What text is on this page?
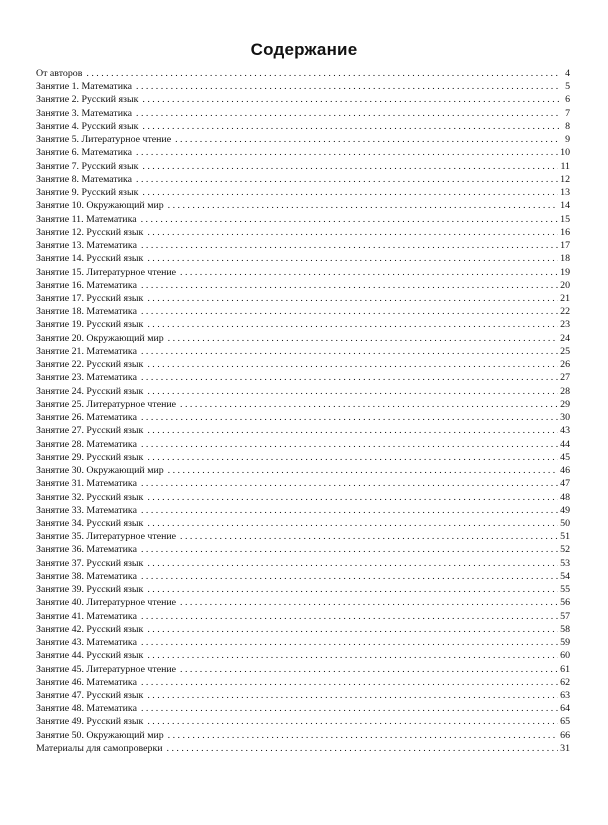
Содержание
От авторов . . .	4
Занятие 1. Математика . . .	5
Занятие 2. Русский язык . . .	6
Занятие 3. Математика . . .	7
Занятие 4. Русский язык . . .	8
Занятие 5. Литературное чтение . . .	9
Занятие 6. Математика . . .	10
Занятие 7. Русский язык . . .	11
Занятие 8. Математика . . .	12
Занятие 9. Русский язык . . .	13
Занятие 10. Окружающий мир . . .	14
Занятие 11. Математика . . .	15
Занятие 12. Русский язык . . .	16
Занятие 13. Математика . . .	17
Занятие 14. Русский язык . . .	18
Занятие 15. Литературное чтение . . .	19
Занятие 16. Математика . . .	20
Занятие 17. Русский язык . . .	21
Занятие 18. Математика . . .	22
Занятие 19. Русский язык . . .	23
Занятие 20. Окружающий мир . . .	24
Занятие 21. Математика . . .	25
Занятие 22. Русский язык . . .	26
Занятие 23. Математика . . .	27
Занятие 24. Русский язык . . .	28
Занятие 25. Литературное чтение . . .	29
Занятие 26. Математика . . .	30
Занятие 27. Русский язык . . .	43
Занятие 28. Математика . . .	44
Занятие 29. Русский язык . . .	45
Занятие 30. Окружающий мир . . .	46
Занятие 31. Математика . . .	47
Занятие 32. Русский язык . . .	48
Занятие 33. Математика . . .	49
Занятие 34. Русский язык . . .	50
Занятие 35. Литературное чтение . . .	51
Занятие 36. Математика . . .	52
Занятие 37. Русский язык . . .	53
Занятие 38. Математика . . .	54
Занятие 39. Русский язык . . .	55
Занятие 40. Литературное чтение . . .	56
Занятие 41. Математика . . .	57
Занятие 42. Русский язык . . .	58
Занятие 43. Математика . . .	59
Занятие 44. Русский язык . . .	60
Занятие 45. Литературное чтение . . .	61
Занятие 46. Математика . . .	62
Занятие 47. Русский язык . . .	63
Занятие 48. Математика . . .	64
Занятие 49. Русский язык . . .	65
Занятие 50. Окружающий мир . . .	66
Материалы для самопроверки . . .	31
